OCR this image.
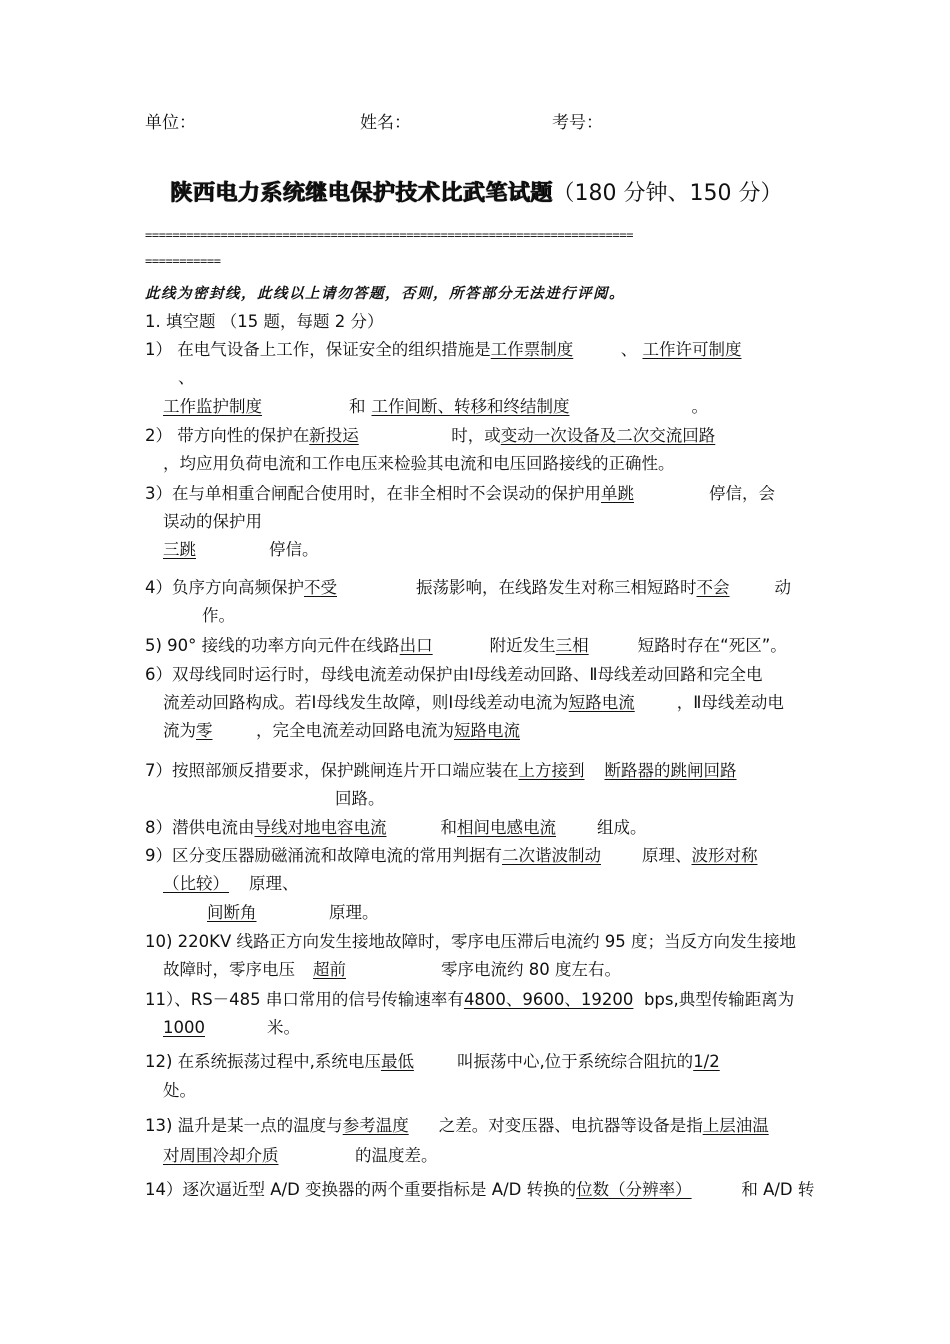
单位：	姓名：	考号：
陕西电力系统继电保护技术比武笔试题（180 分钟、150 分）
=======================================================================
===========
此线为密封线，此线以上请勿答题，否则，所答部分无法进行评阅。
1. 填空题 （15 题，每题 2 分）
1） 在电气设备上工作，保证安全的组织措施是工作票制度	、 工作许可制度
、
工作监护制度	和 工作间断、转移和终结制度	。
2） 带方向性的保护在新投运	时，或变动一次设备及二次交流回路
，均应用负荷电流和工作电压来检验其电流和电压回路接线的正确性。
3）在与单相重合闸配合使用时，在非全相时不会误动的保护用单跳	停信，会
误动的保护用
三跳	停信。
4）负序方向高频保护不受	振荡影响，在线路发生对称三相短路时不会	动
作。
5) 90° 接线的功率方向元件在线路出口	附近发生三相	短路时存在“死区”。
6）双母线同时运行时，母线电流差动保护由Ⅰ母线差动回路、Ⅱ母线差动回路和完全电
流差动回路构成。若Ⅰ母线发生故障，则Ⅰ母线差动电流为短路电流	，Ⅱ母线差动电
流为零	，完全电流差动回路电流为短路电流
7）按照部颁反措要求，保护跳闸连片开口端应装在上方接到 断路器的跳闸回路
回路。
8）潜供电流由导线对地电容电流	和相间电感电流 组成。
9）区分变压器励磁涌流和故障电流的常用判据有二次谐波制动 原理、波形对称
（比较） 原理、
间断角	原理。
10) 220KV 线路正方向发生接地故障时，零序电压滞后电流约 95 度；当反方向发生接地
故障时，零序电压 超前	零序电流约 80 度左右。
11）、RS－485 串口常用的信号传输速率有4800、9600、19200 bps,典型传输距离为
1000	米。
12) 在系统振荡过程中,系统电压最低	叫振荡中心,位于系统综合阻抗的1/2
处。
13) 温升是某一点的温度与参考温度 之差。对变压器、电抗器等设备是指上层油温
对周围冷却介质	的温度差。
14）逐次逼近型 A/D 变换器的两个重要指标是 A/D 转换的位数（分辨率）	和 A/D 转
